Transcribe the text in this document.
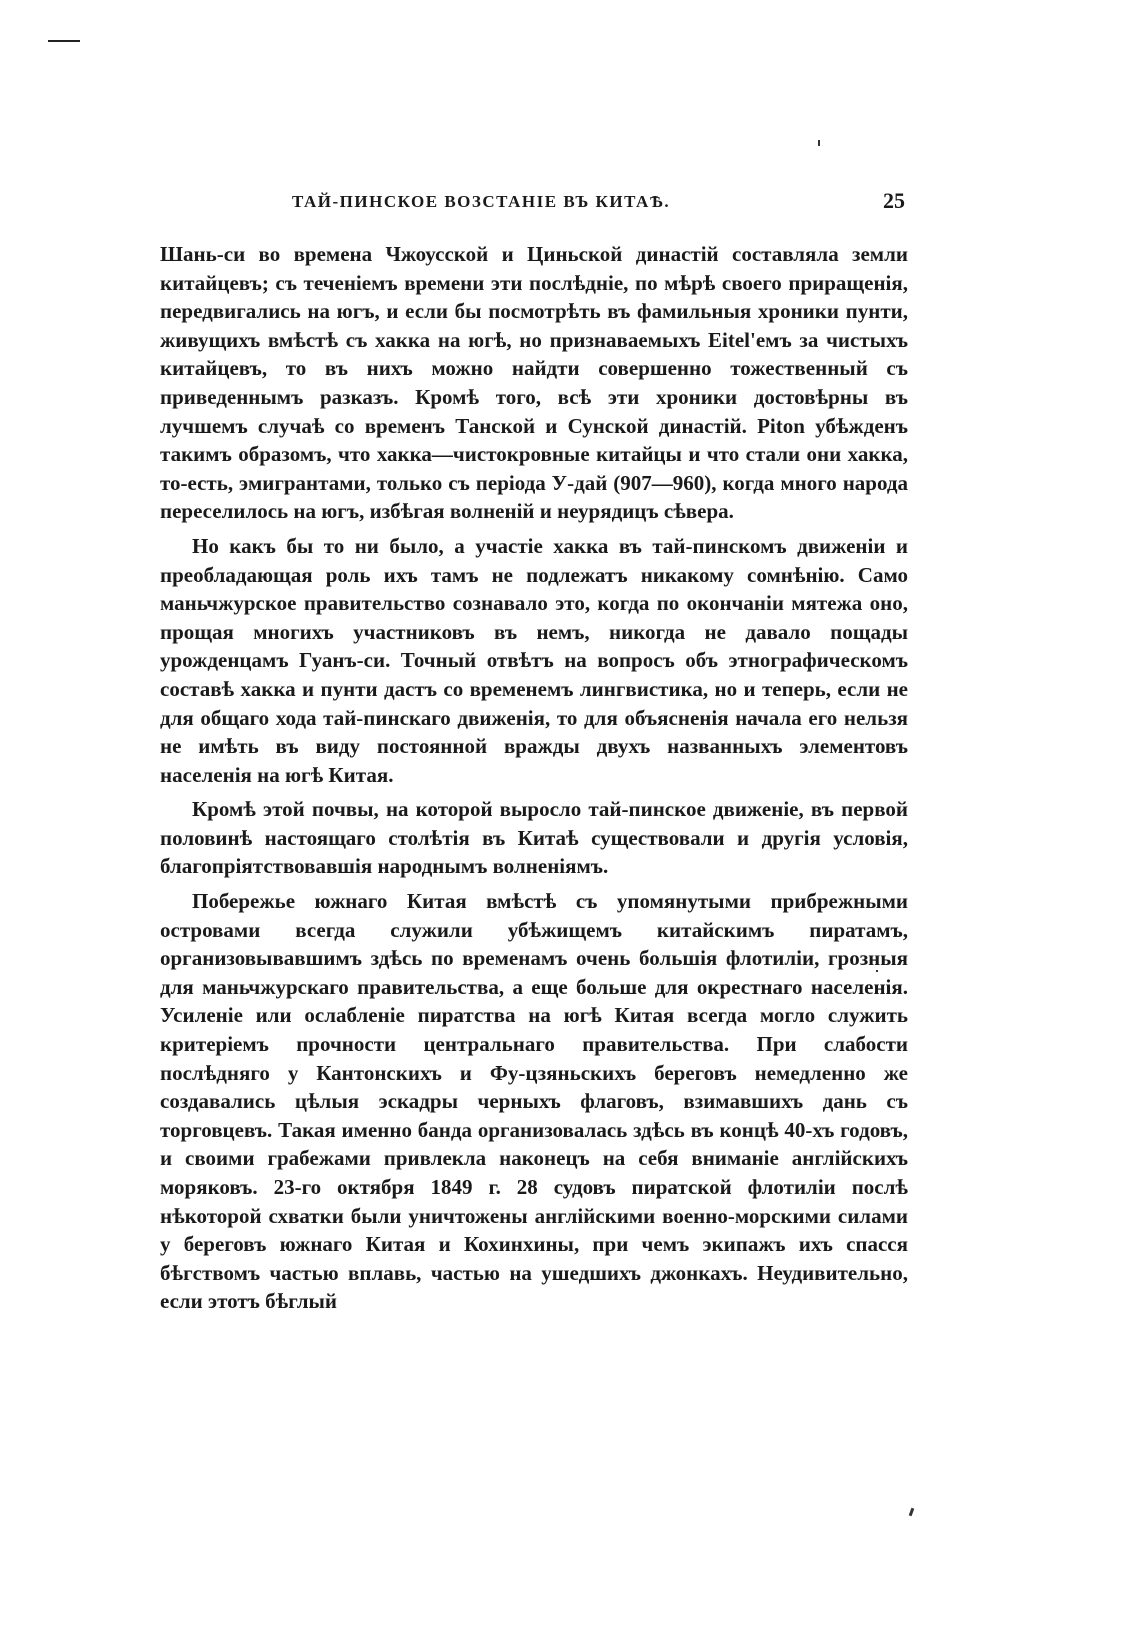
ТАЙ-ПИНСКОЕ ВОЗСТАНІЕ ВЪ КИТАѢ.	25

Шань-си во времена Чжоусской и Циньской династій составляла земли китайцевъ; съ теченіемъ времени эти послѣдніе, по мѣрѣ своего приращенія, передвигались на югъ, и если бы посмотрѣть въ фамильныя хроники пунти, живущихъ вмѣстѣ съ хакка на югѣ, но признаваемыхъ Eitel'емъ за чистыхъ китайцевъ, то въ нихъ можно найдти совершенно тожественный съ приведеннымъ разказъ. Кромѣ того, всѣ эти хроники достовѣрны въ лучшемъ случаѣ со временъ Танской и Сунской династій. Piton убѣжденъ такимъ образомъ, что хакка—чистокровные китайцы и что стали они хакка, то-есть, эмигрантами, только съ періода У-дай (907—960), когда много народа переселилось на югъ, избѣгая волненій и неурядицъ сѣвера.

Но какъ бы то ни было, а участіе хакка въ тай-пинскомъ движеніи и преобладающая роль ихъ тамъ не подлежатъ никакому сомнѣнію. Само маньчжурское правительство сознавало это, когда по окончаніи мятежа оно, прощая многихъ участниковъ въ немъ, никогда не давало пощады урожденцамъ Гуанъ-си. Точный отвѣтъ на вопросъ объ этнографическомъ составѣ хакка и пунти дастъ со временемъ лингвистика, но и теперь, если не для общаго хода тай-пинскаго движенія, то для объясненія начала его нельзя не имѣть въ виду постоянной вражды двухъ названныхъ элементовъ населенія на югѣ Китая.

Кромѣ этой почвы, на которой выросло тай-пинское движеніе, въ первой половинѣ настоящаго столѣтія въ Китаѣ существовали и другія условія, благопріятствовавшія народнымъ волненіямъ.

Побережье южнаго Китая вмѣстѣ съ упомянутыми прибрежными островами всегда служили убѣжищемъ китайскимъ пиратамъ, организовывавшимъ здѣсь по временамъ очень большія флотиліи, грозныя для маньчжурскаго правительства, а еще больше для окрестнаго населенія. Усиленіе или ослабленіе пиратства на югѣ Китая всегда могло служить критеріемъ прочности центральнаго правительства. При слабости послѣдняго у Кантонскихъ и Фу-цзяньскихъ береговъ немедленно же создавались цѣлыя эскадры черныхъ флаговъ, взимавшихъ дань съ торговцевъ. Такая именно банда организовалась здѣсь въ концѣ 40-хъ годовъ, и своими грабежами привлекла наконецъ на себя вниманіе англійскихъ моряковъ. 23-го октября 1849 г. 28 судовъ пиратской флотиліи послѣ нѣкоторой схватки были уничтожены англійскими военно-морскими силами у береговъ южнаго Китая и Кохинхины, при чемъ экипажъ ихъ спасся бѣгствомъ частью вплавь, частью на ушедшихъ джонкахъ. Неудивительно, если этотъ бѣглый
